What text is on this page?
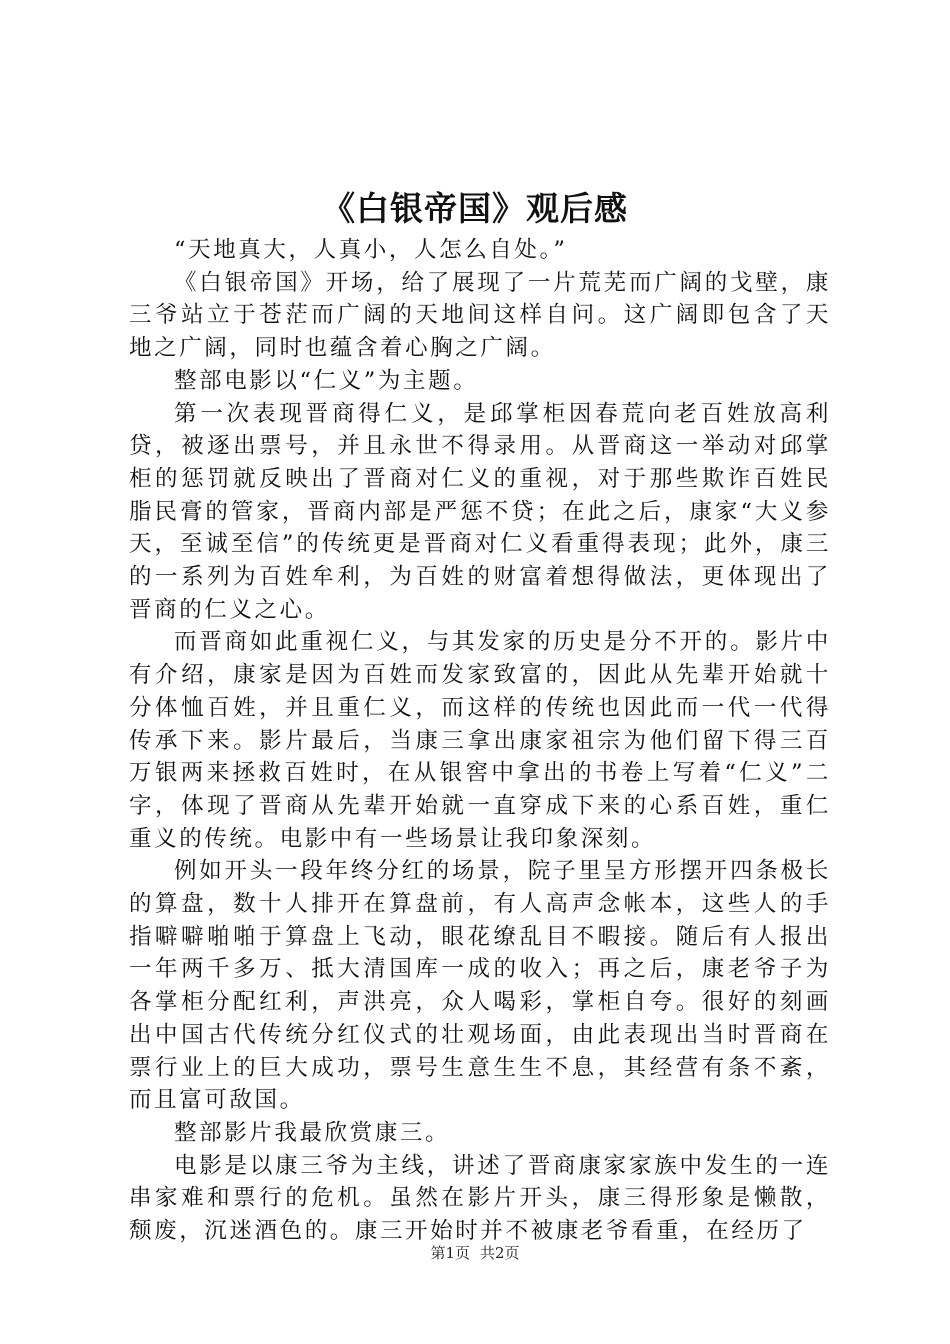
《白银帝国》观后感

“天地真大，人真小，人怎么自处。”

《白银帝国》开场，给了展现了一片荒芜而广阔的戈壁，康三爷站立于苍茫而广阔的天地间这样自问。这广阔即包含了天地之广阔，同时也蕴含着心胸之广阔。

整部电影以“仁义”为主题。

第一次表现晋商得仁义，是邱掌柜因春荒向老百姓放高利贷，被逐出票号，并且永世不得录用。从晋商这一举动对邱掌柜的惩罚就反映出了晋商对仁义的重视，对于那些欺诈百姓民脂民膏的管家，晋商内部是严惩不贷；在此之后，康家“大义参天，至诚至信”的传统更是晋商对仁义看重得表现；此外，康三的一系列为百姓牟利，为百姓的财富着想得做法，更体现出了晋商的仁义之心。

而晋商如此重视仁义，与其发家的历史是分不开的。影片中有介绍，康家是因为百姓而发家致富的，因此从先辈开始就十分体恤百姓，并且重仁义，而这样的传统也因此而一代一代得传承下来。影片最后，当康三拿出康家祖宗为他们留下得三百万银两来拯救百姓时，在从银窖中拿出的书卷上写着“仁义”二字，体现了晋商从先辈开始就一直穿成下来的心系百姓，重仁重义的传统。电影中有一些场景让我印象深刻。

例如开头一段年终分红的场景，院子里呈方形摆开四条极长的算盘，数十人排开在算盘前，有人高声念帐本，这些人的手指噼噼啪啪于算盘上飞动，眼花缭乱目不暇接。随后有人报出一年两千多万、抵大清国库一成的收入；再之后，康老爷子为各掌柜分配红利，声洪亮，众人喝彩，掌柜自夸。很好的刻画出中国古代传统分红仪式的壮观场面，由此表现出当时晋商在票行业上的巨大成功，票号生意生生不息，其经营有条不紊，而且富可敌国。

整部影片我最欣赏康三。

电影是以康三爷为主线，讲述了晋商康家家族中发生的一连串家难和票行的危机。虽然在影片开头，康三得形象是懒散，颓废，沉迷酒色的。康三开始时并不被康老爷看重，在经历了

第1页 共2页
